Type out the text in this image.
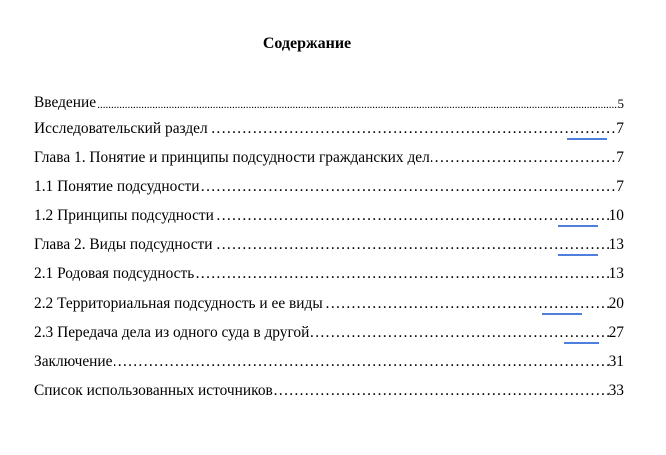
Содержание
.....
Введение	5
……………………………………………………………………………………………………………………………………………………………………………………………………
Исследовательский раздел	7
……………………………………………………………………………………………………………………………………………………………………………………………………
Глава 1. Понятие и принципы подсудности гражданских дел	7
……………………………………………………………………………………………………………………………………………………………………………………………………
1.1 Понятие подсудности	7
……………………………………………………………………………………………………………………………………………………………………………………………………
1.2 Принципы подсудности	10
……………………………………………………………………………………………………………………………………………………………………………………………………
Глава 2. Виды подсудности	13
……………………………………………………………………………………………………………………………………………………………………………………………………
2.1 Родовая подсудность	13
……………………………………………………………………………………………………………………………………………………………………………………………………
2.2 Территориальная подсудность и ее виды	20
……………………………………………………………………………………………………………………………………………………………………………………………………
2.3 Передача дела из одного суда в другой	27
……………………………………………………………………………………………………………………………………………………………………………………………………
Заключение	31
……………………………………………………………………………………………………………………………………………………………………………………………………
Список использованных источников	33
